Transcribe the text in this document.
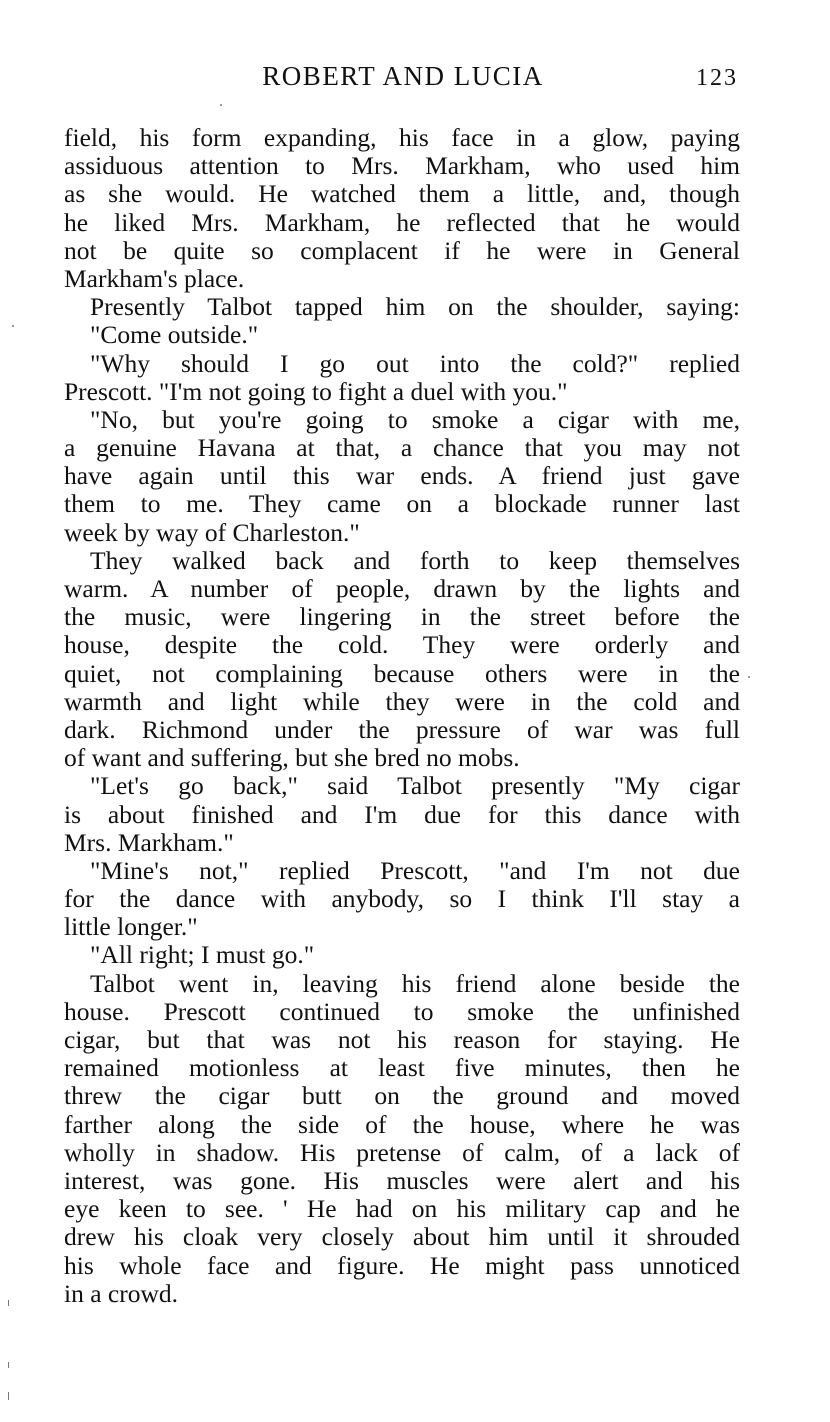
ROBERT AND LUCIA	123
field, his form expanding, his face in a glow, paying
assiduous attention to Mrs. Markham, who used him
as she would. He watched them a little, and, though
he liked Mrs. Markham, he reflected that he would
not be quite so complacent if he were in General
Markham's place.
Presently Talbot tapped him on the shoulder, saying:
"Come outside."
"Why should I go out into the cold?" replied
Prescott. "I'm not going to fight a duel with you."
"No, but you're going to smoke a cigar with me,
a genuine Havana at that, a chance that you may not
have again until this war ends. A friend just gave
them to me. They came on a blockade runner last
week by way of Charleston."
They walked back and forth to keep themselves
warm. A number of people, drawn by the lights and
the music, were lingering in the street before the
house, despite the cold. They were orderly and
quiet, not complaining because others were in the
warmth and light while they were in the cold and
dark. Richmond under the pressure of war was full
of want and suffering, but she bred no mobs.
"Let's go back," said Talbot presently "My cigar
is about finished and I'm due for this dance with
Mrs. Markham."
"Mine's not," replied Prescott, "and I'm not due
for the dance with anybody, so I think I'll stay a
little longer."
"All right; I must go."
Talbot went in, leaving his friend alone beside the
house. Prescott continued to smoke the unfinished
cigar, but that was not his reason for staying. He
remained motionless at least five minutes, then he
threw the cigar butt on the ground and moved
farther along the side of the house, where he was
wholly in shadow. His pretense of calm, of a lack of
interest, was gone. His muscles were alert and his
eye keen to see. ' He had on his military cap and he
drew his cloak very closely about him until it shrouded
his whole face and figure. He might pass unnoticed
in a crowd.
